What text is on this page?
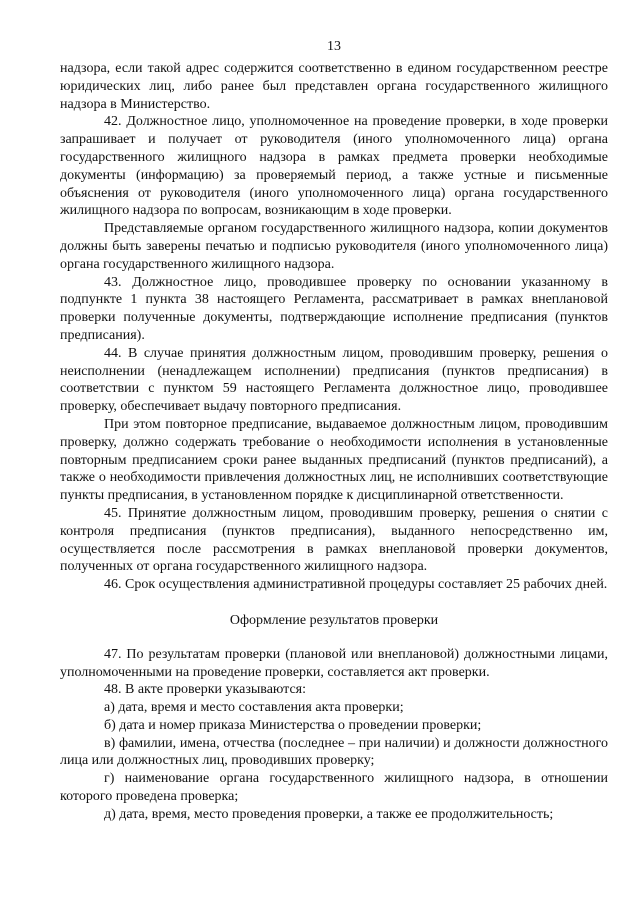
13

надзора, если такой адрес содержится соответственно в едином государственном реестре юридических лиц, либо ранее был представлен органа государственного жилищного надзора в Министерство.

42. Должностное лицо, уполномоченное на проведение проверки, в ходе проверки запрашивает и получает от руководителя (иного уполномоченного лица) органа государственного жилищного надзора в рамках предмета проверки необходимые документы (информацию) за проверяемый период, а также устные и письменные объяснения от руководителя (иного уполномоченного лица) органа государственного жилищного надзора по вопросам, возникающим в ходе проверки.

Представляемые органом государственного жилищного надзора, копии документов должны быть заверены печатью и подписью руководителя (иного уполномоченного лица) органа государственного жилищного надзора.

43. Должностное лицо, проводившее проверку по основании указанному в подпункте 1 пункта 38 настоящего Регламента, рассматривает в рамках внеплановой проверки полученные документы, подтверждающие исполнение предписания (пунктов предписания).

44. В случае принятия должностным лицом, проводившим проверку, решения о неисполнении (ненадлежащем исполнении) предписания (пунктов предписания) в соответствии с пунктом 59 настоящего Регламента должностное лицо, проводившее проверку, обеспечивает выдачу повторного предписания.

При этом повторное предписание, выдаваемое должностным лицом, проводившим проверку, должно содержать требование о необходимости исполнения в установленные повторным предписанием сроки ранее выданных предписаний (пунктов предписаний), а также о необходимости привлечения должностных лиц, не исполнивших соответствующие пункты предписания, в установленном порядке к дисциплинарной ответственности.

45. Принятие должностным лицом, проводившим проверку, решения о снятии с контроля предписания (пунктов предписания), выданного непосредственно им, осуществляется после рассмотрения в рамках внеплановой проверки документов, полученных от органа государственного жилищного надзора.

46. Срок осуществления административной процедуры составляет 25 рабочих дней.

Оформление результатов проверки

47. По результатам проверки (плановой или внеплановой) должностными лицами, уполномоченными на проведение проверки, составляется акт проверки.

48. В акте проверки указываются:

а) дата, время и место составления акта проверки;

б) дата и номер приказа Министерства о проведении проверки;

в) фамилии, имена, отчества (последнее – при наличии) и должности должностного лица или должностных лиц, проводивших проверку;

г) наименование органа государственного жилищного надзора, в отношении которого проведена проверка;

д) дата, время, место проведения проверки, а также ее продолжительность;
